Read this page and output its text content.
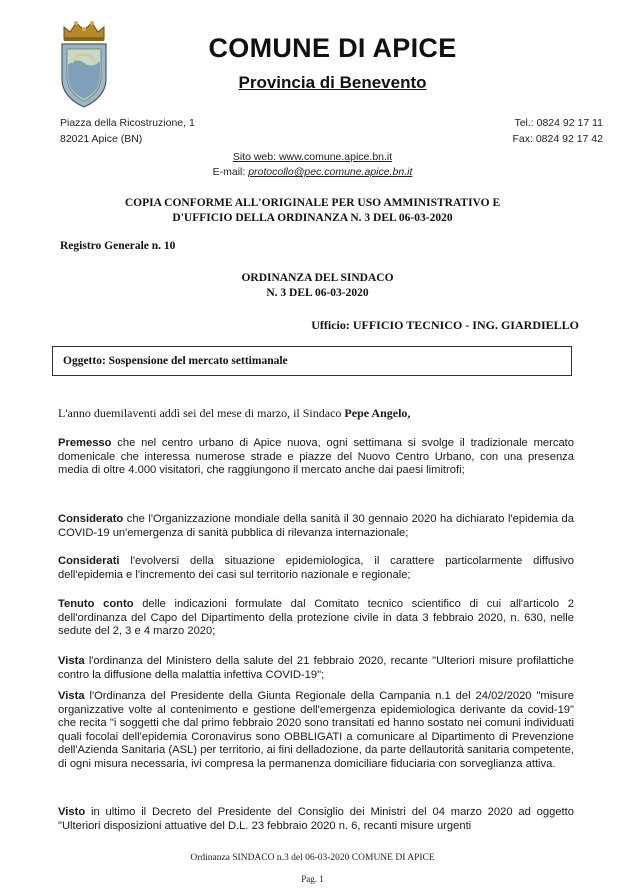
COMUNE DI APICE
Provincia di Benevento
Piazza della Ricostruzione, 1
82021 Apice (BN)
Tel.: 0824 92 17 11
Fax: 0824 92 17 42
Sito web: www.comune.apice.bn.it
E-mail: protocollo@pec.comune.apice.bn.it
COPIA CONFORME ALL'ORIGINALE PER USO AMMINISTRATIVO E
D'UFFICIO DELLA ORDINANZA N. 3 DEL 06-03-2020
Registro Generale n. 10
ORDINANZA DEL SINDACO
N. 3 DEL 06-03-2020
Ufficio: UFFICIO TECNICO - ING. GIARDIELLO
Oggetto: Sospensione del mercato settimanale
L'anno duemilaventi addì sei del mese di marzo, il Sindaco Pepe Angelo,
Premesso che nel centro urbano di Apice nuova, ogni settimana si svolge il tradizionale mercato domenicale che interessa numerose strade e piazze del Nuovo Centro Urbano, con una presenza media di oltre 4.000 visitatori, che raggiungono il mercato anche dai paesi limitrofi;
Considerato che l'Organizzazione mondiale della sanità il 30 gennaio 2020 ha dichiarato l'epidemia da COVID-19 un'emergenza di sanità pubblica di rilevanza internazionale;
Considerati l'evolversi della situazione epidemiologica, il carattere particolarmente diffusivo dell'epidemia e l'incremento dei casi sul territorio nazionale e regionale;
Tenuto conto delle indicazioni formulate dal Comitato tecnico scientifico di cui all'articolo 2 dell'ordinanza del Capo del Dipartimento della protezione civile in data 3 febbraio 2020, n. 630, nelle sedute del 2, 3 e 4 marzo 2020;
Vista l'ordinanza del Ministero della salute del 21 febbraio 2020, recante "Ulteriori misure profilattiche contro la diffusione della malattia infettiva COVID-19";
Vista l'Ordinanza del Presidente della Giunta Regionale della Campania n.1 del 24/02/2020 "misure organizzative volte al contenimento e gestione dell'emergenza epidemiologica derivante da covid-19" che recita "i soggetti che dal primo febbraio 2020 sono transitati ed hanno sostato nei comuni individuati quali focolai dell'epidemia Coronavirus sono OBBLIGATI a comunicare al Dipartimento di Prevenzione dell'Azienda Sanitaria (ASL) per territorio, ai fini delladozione, da parte dellautorità sanitaria competente, di ogni misura necessaria, ivi compresa la permanenza domiciliare fiduciaria con sorveglianza attiva.
Visto in ultimo il Decreto del Presidente del Consiglio dei Ministri del 04 marzo 2020 ad oggetto "Ulteriori disposizioni attuative del D.L. 23 febbraio 2020 n. 6, recanti misure urgenti
Ordinanza SINDACO n.3 del 06-03-2020 COMUNE DI APICE
Pag. 1
